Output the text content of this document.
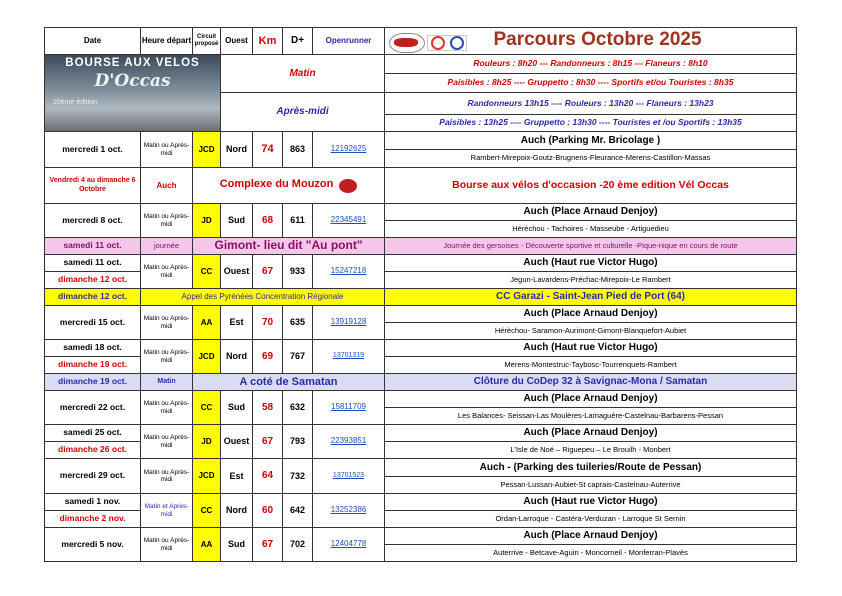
Date	Heure départ	Circuit proposé	Ouest	Km	D+	Openrunner	Parcours Octobre 2025

BOURSE AUX VELOS
D'Occas
20ème édition			Matin				Rouleurs : 8h20 --- Randonneurs : 8h15 --- Flaneurs : 8h10
							Paisibles : 8h25 ---- Gruppetto : 8h30 ---- Sportifs et/ou Touristes : 8h35
			Après-midi				Randonneurs 13h15 ---- Rouleurs : 13h20 --- Flaneurs : 13h23
							Paisibles : 13h25 ---- Gruppetto : 13h30 ---- Touristes et /ou Sportifs : 13h35
mercredi 1 oct.	Matin ou Après-midi	JCD	Nord	74	863	12192625	Auch (Parking Mr. Bricolage )
							Rambert-Mirepoix-Goutz-Brugnens-Fleurance-Merens-Castillon-Massas
Vendredi 4 au dimanche 6 Octobre	Auch	Complexe du Mouzon					Bourse aux vélos d'occasion -20 ème edition Vél Occas
mercredi 8 oct.	Matin ou Après-midi	JD	Sud	68	611	22345491	Auch (Place Arnaud Denjoy)
							Hérèchou - Tachoires - Masseube - Artiguedieu
samedi 11 oct.	journée	Gimont- lieu dit "Au pont"					Journée des gersoises - Découverte sportive et culturelle -Pique-nique en cours de route
samedi 11 oct.	Matin ou Après-midi	CC	Ouest	67	933	15247218	Auch (Haut rue Victor Hugo)
dimanche 12 oct.							Jegun-Lavardens-Préchac-Mirepoix-Le Rambert
dimanche 12 oct.	Appel des Pyrénées Concentration Régionale						CC Garazi - Saint-Jean Pied de Port (64)
mercredi 15 oct.	Matin ou Après-midi	AA	Est	70	635	13919128	Auch (Place Arnaud Denjoy)
							Hérèchou- Saramon-Aurimont-Gimont-Blanquefort-Aubiet
samedi 18 oct.	Matin ou Après-midi	JCD	Nord	69	767	13701319	Auch (Haut rue Victor Hugo)
dimanche 19 oct.							Merens-Montestruc-Taybosc-Tourrenquets-Rambert
dimanche 19 oct.	Matin	A coté de Samatan					Clôture du CoDep 32 à Savignac-Mona / Samatan
mercredi 22 oct.	Matin ou Après-midi	CC	Sud	58	632	15811709	Auch (Place Arnaud Denjoy)
							Les Balances- Seissan-Las Moulères-Lamaguère-Castelnau-Barbarens-Pessan
samedi 25 oct.	Matin ou Après-midi	JD	Ouest	67	793	22393851	Auch (Place Arnaud Denjoy)
dimanche 26 oct.							L'Isle de Noé – Riguepeu – Le Brouilh - Monbert
mercredi 29 oct.	Matin ou Après-midi	JCD	Est	64	732	13701523	Auch - (Parking des tuileries/Route de Pessan)
							Pessan-Lussan-Aubiet-St caprais-Castelnau-Auterrive
samedi 1 nov.	Matin et Après-midi	CC	Nord	60	642	13252386	Auch (Haut rue Victor Hugo)
dimanche 2 nov.							Ordan-Larroque - Castéra-Verduzan - Larroque St Sernin
mercredi 5 nov.	Matin ou Après-midi	AA	Sud	67	702	12404778	Auch (Place Arnaud Denjoy)
							Auterrive - Betcave-Aguin - Moncorneil - Monferran-Plavès
